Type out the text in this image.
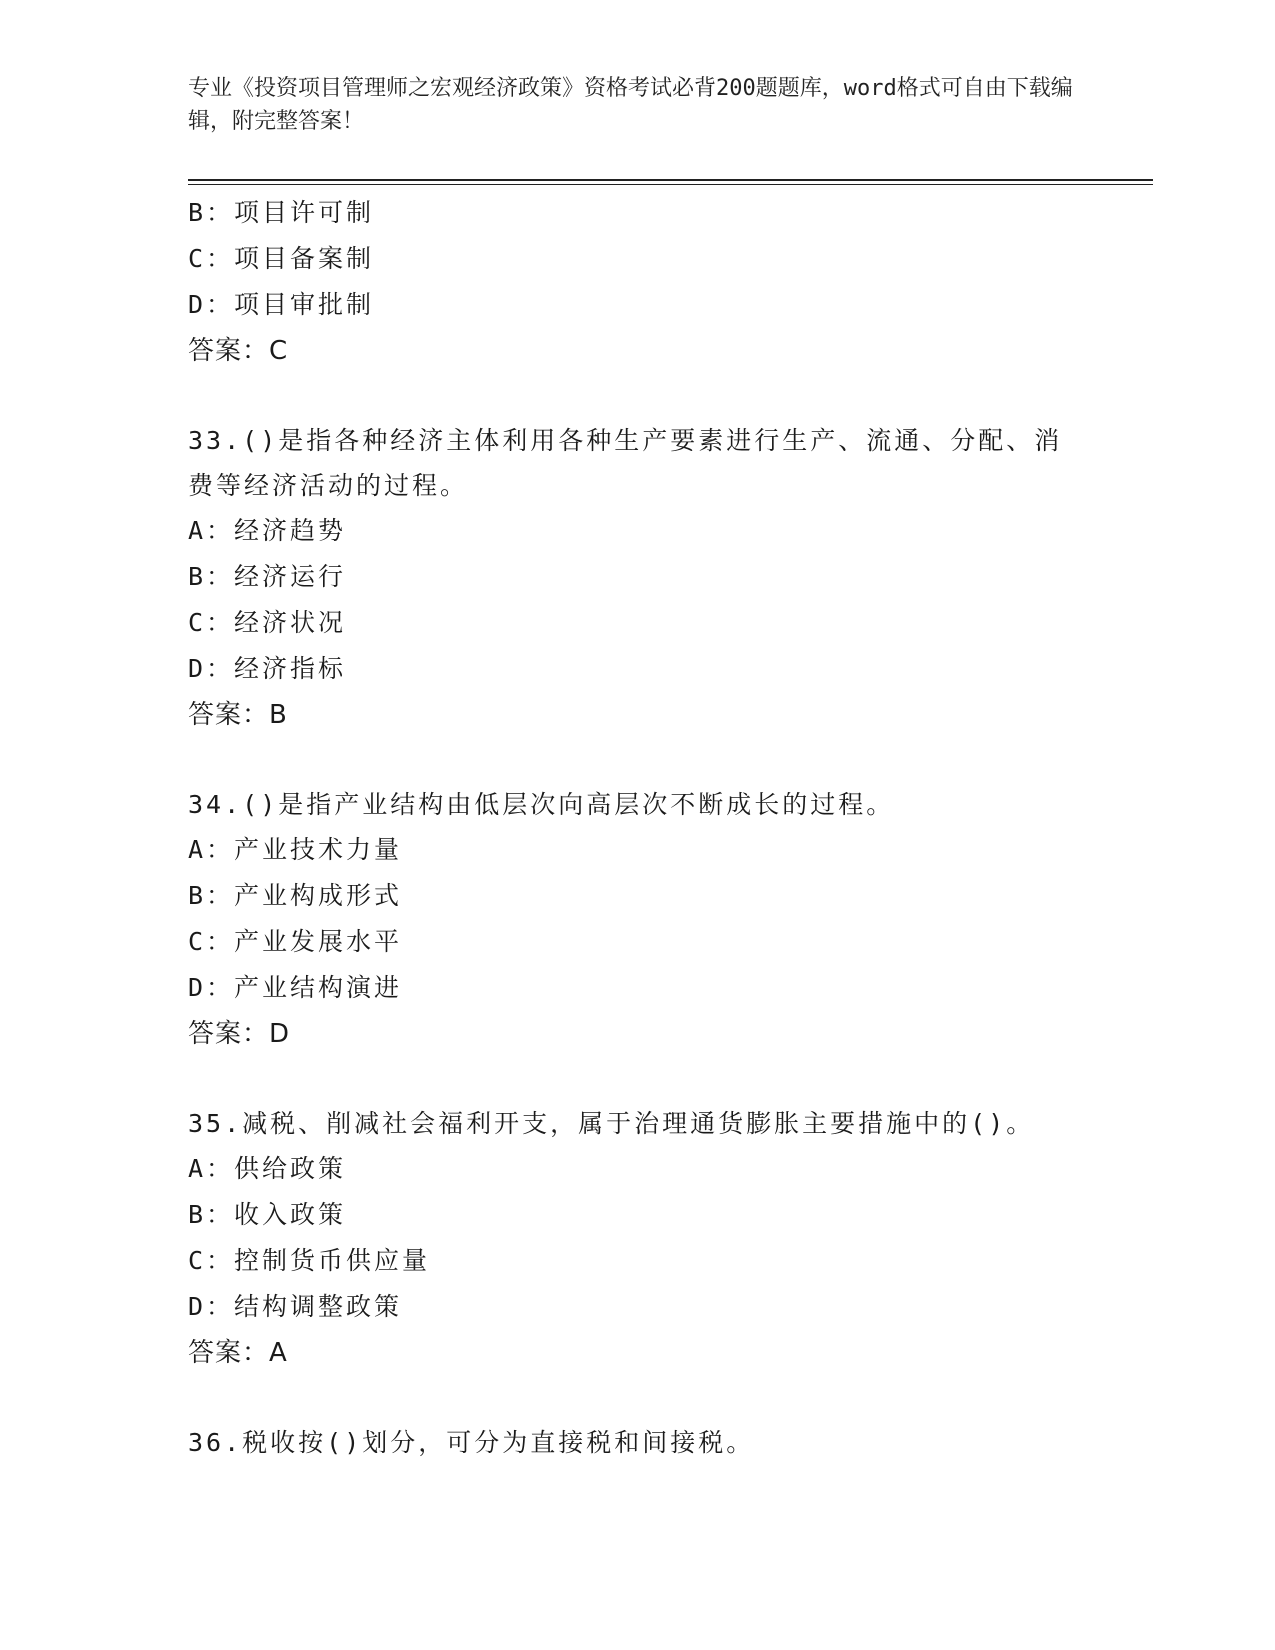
专业《投资项目管理师之宏观经济政策》资格考试必背200题题库，word格式可自由下载编辑，附完整答案！
B：项目许可制
C：项目备案制
D：项目审批制
答案：C
33.()是指各种经济主体利用各种生产要素进行生产、流通、分配、消费等经济活动的过程。
A：经济趋势
B：经济运行
C：经济状况
D：经济指标
答案：B
34.()是指产业结构由低层次向高层次不断成长的过程。
A：产业技术力量
B：产业构成形式
C：产业发展水平
D：产业结构演进
答案：D
35.减税、削减社会福利开支，属于治理通货膨胀主要措施中的()。
A：供给政策
B：收入政策
C：控制货币供应量
D：结构调整政策
答案：A
36.税收按()划分，可分为直接税和间接税。
